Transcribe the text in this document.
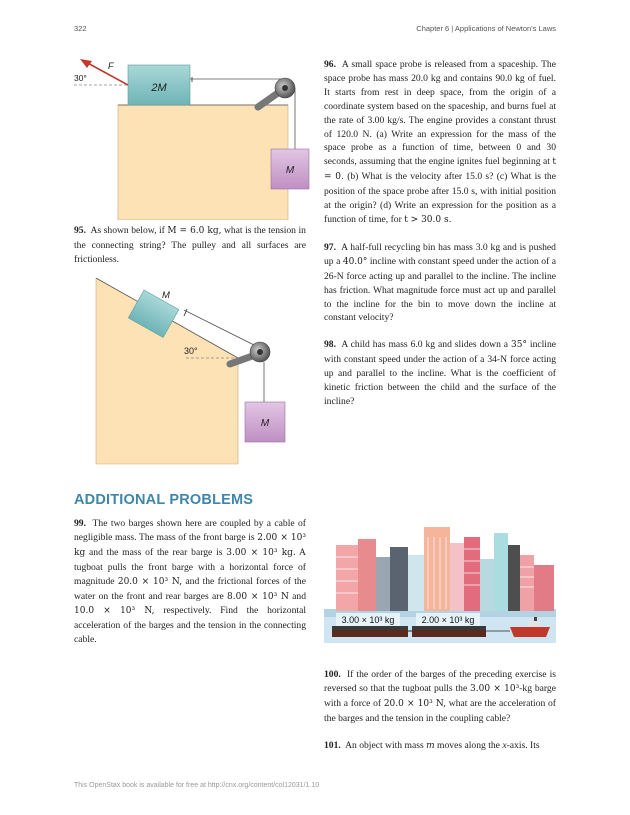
322	Chapter 6 | Applications of Newton's Laws
2M
M
F
30°
95. As shown below, if M = 6.0 kg, what is the tension in the connecting string? The pulley and all surfaces are frictionless.
M
M
30°
ADDITIONAL PROBLEMS
99. The two barges shown here are coupled by a cable of negligible mass. The mass of the front barge is 2.00 × 10³ kg and the mass of the rear barge is 3.00 × 10³ kg. A tugboat pulls the front barge with a horizontal force of magnitude 20.0 × 10³ N, and the frictional forces of the water on the front and rear barges are 8.00 × 10³ N and 10.0 × 10³ N, respectively. Find the horizontal acceleration of the barges and the tension in the connecting cable.

96. A small space probe is released from a spaceship. The space probe has mass 20.0 kg and contains 90.0 kg of fuel. It starts from rest in deep space, from the origin of a coordinate system based on the spaceship, and burns fuel at the rate of 3.00 kg/s. The engine provides a constant thrust of 120.0 N. (a) Write an expression for the mass of the space probe as a function of time, between 0 and 30 seconds, assuming that the engine ignites fuel beginning at t = 0. (b) What is the velocity after 15.0 s? (c) What is the position of the space probe after 15.0 s, with initial position at the origin? (d) Write an expression for the position as a function of time, for t > 30.0 s.

97. A half-full recycling bin has mass 3.0 kg and is pushed up a 40.0° incline with constant speed under the action of a 26-N force acting up and parallel to the incline. The incline has friction. What magnitude force must act up and parallel to the incline for the bin to move down the incline at constant velocity?

98. A child has mass 6.0 kg and slides down a 35° incline with constant speed under the action of a 34-N force acting up and parallel to the incline. What is the coefficient of kinetic friction between the child and the surface of the incline?

3.00 × 10³ kg	2.00 × 10³ kg

100. If the order of the barges of the preceding exercise is reversed so that the tugboat pulls the 3.00 × 10³-kg barge with a force of 20.0 × 10³ N, what are the acceleration of the barges and the tension in the coupling cable?

101. An object with mass m moves along the x-axis. Its

This OpenStax book is available for free at http://cnx.org/content/col12031/1.10
